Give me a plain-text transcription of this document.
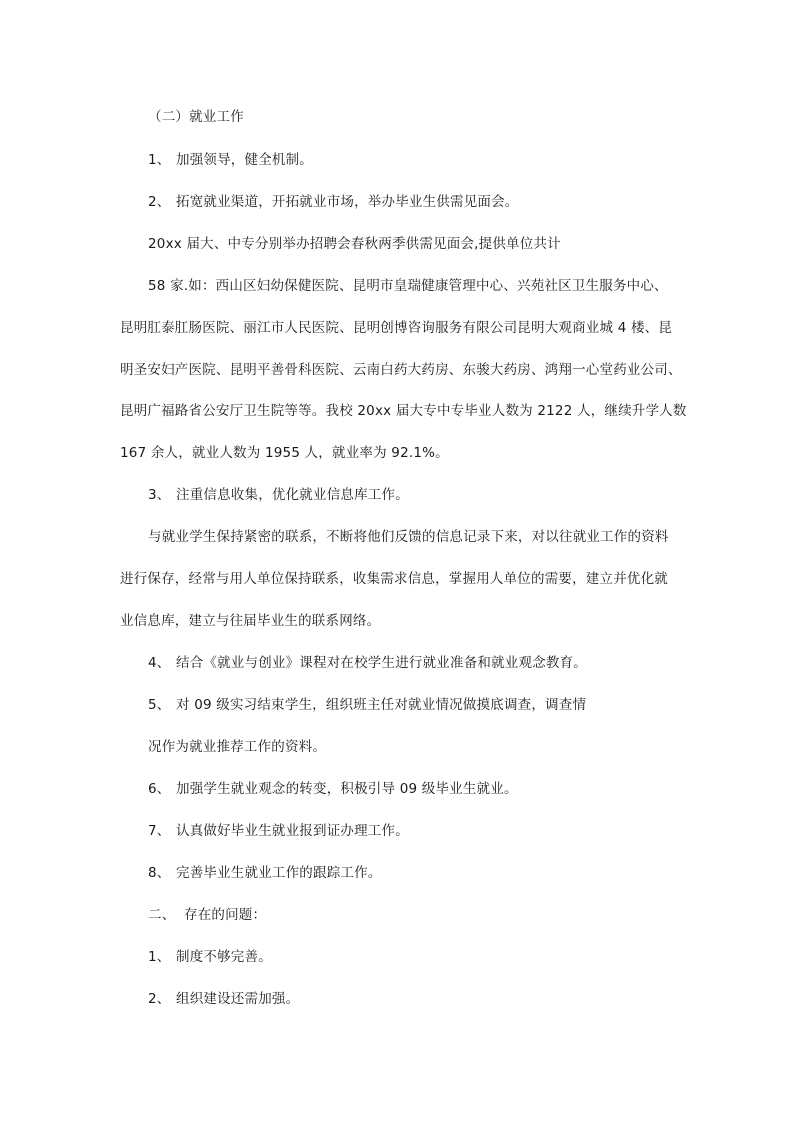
（二）就业工作
1、 加强领导，健全机制。
2、 拓宽就业渠道，开拓就业市场，举办毕业生供需见面会。
20xx 届大、中专分别举办招聘会春秋两季供需见面会,提供单位共计
58 家.如：西山区妇幼保健医院、昆明市皇瑞健康管理中心、兴苑社区卫生服务中心、
昆明肛泰肛肠医院、丽江市人民医院、昆明创博咨询服务有限公司昆明大观商业城 4 楼、昆
明圣安妇产医院、昆明平善骨科医院、云南白药大药房、东骏大药房、鸿翔一心堂药业公司、
昆明广福路省公安厅卫生院等等。我校 20xx 届大专中专毕业人数为 2122 人，继续升学人数
167 余人，就业人数为 1955 人，就业率为 92.1%。
3、 注重信息收集，优化就业信息库工作。
与就业学生保持紧密的联系，不断将他们反馈的信息记录下来，对以往就业工作的资料
进行保存，经常与用人单位保持联系，收集需求信息，掌握用人单位的需要，建立并优化就
业信息库，建立与往届毕业生的联系网络。
4、 结合《就业与创业》课程对在校学生进行就业准备和就业观念教育。
5、 对 09 级实习结束学生，组织班主任对就业情况做摸底调查，调查情
况作为就业推荐工作的资料。
6、 加强学生就业观念的转变，积极引导 09 级毕业生就业。
7、 认真做好毕业生就业报到证办理工作。
8、 完善毕业生就业工作的跟踪工作。
二、 存在的问题：
1、 制度不够完善。
2、 组织建设还需加强。
